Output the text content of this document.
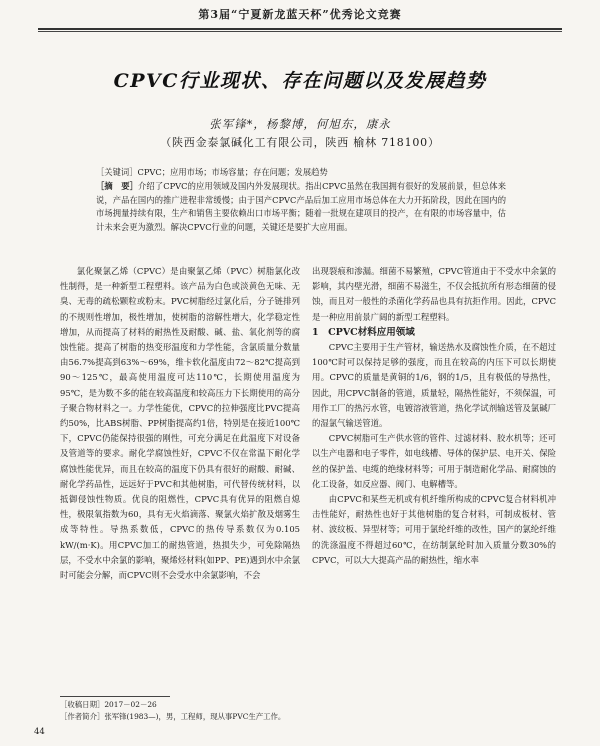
第3届“宁夏新龙蓝天杯”优秀论文竞赛
CPVC行业现状、存在问题以及发展趋势
张军锋*，杨黎博，何旭东，康永
（陕西金泰氯碱化工有限公司，陕西 榆林 718100）
［关键词］CPVC；应用市场；市场容量；存在问题；发展趋势
［摘　要］介绍了CPVC的应用领域及国内外发展现状。指出CPVC虽然在我国拥有很好的发展前景，但总体来说，产品在国内的推广进程非常缓慢；由于国产CPVC产品后加工应用市场总体在大力开拓阶段，因此在国内的市场拥量持续有限，生产和销售主要依赖出口市场平衡；随着一批规在建项目的投产，在有限的市场容量中，估计未来会更为激烈。解决CPVC行业的问题，关键还是要扩大应用面。

氯化聚氯乙烯（CPVC）是由聚氯乙烯（PVC）树脂氯化改性制得，是一种新型工程塑料。该产品为白色或淡黄色无味、无臭、无毒的疏松颗粒或粉末。PVC树脂经过氯化后，分子链排列的不规则性增加，极性增加，使树脂的溶解性增大，化学稳定性增加，从而提高了材料的耐热性及耐酸、碱、盐、氧化剂等的腐蚀性能。提高了树脂的热变形温度和力学性能，含氯质量分数量由56.7%提高到63%～69%，维卡软化温度由72～82℃提高到90～125℃，最高使用温度可达110℃，长期使用温度为95℃，是为数不多的能在较高温度和较高压力下长期使用的高分子聚合物材料之一。力学性能优，CPVC的拉伸强度比PVC提高约50%，比ABS树脂、PP树脂提高约1倍，特别是在接近100℃下，CPVC仍能保持很强的刚性，可充分满足在此温度下对设备及管道等的要求。耐化学腐蚀性好，CPVC不仅在常温下耐化学腐蚀性能优异，而且在较高的温度下仍具有很好的耐酸、耐碱、耐化学药品性，远远好于PVC和其他树脂，可代替传统材料，以抵御侵蚀性物质。优良的阻燃性，CPVC具有优异的阻燃自熄性，极限氧指数为60，具有无火焰滴落、聚氯火焰扩散及烟雾生成等特性。导热系数低，CPVC的热传导系数仅为0.105 kW/(m·K)。用CPVC加工的耐热管道，热损失少，可免除隔热层，不受水中余氯的影响，聚烯烃材料(如PP、PE)遇到水中余氯时可能会分解，而CPVC则不会受水中余氯影响，不会

出现裂痕和渗漏。细菌不易繁殖，CPVC管道由于不受水中余氯的影响，其内壁光滑，细菌不易滋生，不仅会抵抗所有形态细菌的侵蚀，而且对一般性的杀菌化学药品也具有抗拒作用。因此，CPVC是一种应用前景广阔的新型工程塑料。

1　CPVC材料应用领域

CPVC主要用于生产管材，输送热水及腐蚀性介质，在不超过100℃时可以保持足够的强度，而且在较高的内压下可以长期使用。CPVC的质量是黄铜的1/6，钢的1/5，且有极低的导热性，因此，用CPVC制备的管道，质量轻，隔热性能好，不须保温，可用作工厂的热污水管，电镀溶液管道，热化学试剂输送管及氯碱厂的湿氯气输送管道。

CPVC树脂可生产供水管的管件、过滤材料、胶水机等；还可以生产电器和电子零件，如电线槽、导体的保护层、电开关、保险丝的保护盖、电缆的绝缘材料等；可用于制造耐化学品、耐腐蚀的化工设备，如反应器、阀门、电解槽等。

由CPVC和某些无机或有机纤维所构成的CPVC复合材料机冲击性能好，耐热性也好于其他树脂的复合材料，可制成板材、管材、波纹板、异型材等；可用于氯纶纤维的改性，国产的氯纶纤维的洗涤温度不得超过60℃，在纺制氯纶时加入质量分数30%的CPVC，可以大大提高产品的耐热性，缩水率

［收稿日期］2017－02－26
［作者简介］张军锋(1983—)，男，工程师，现从事PVC生产工作。
44
